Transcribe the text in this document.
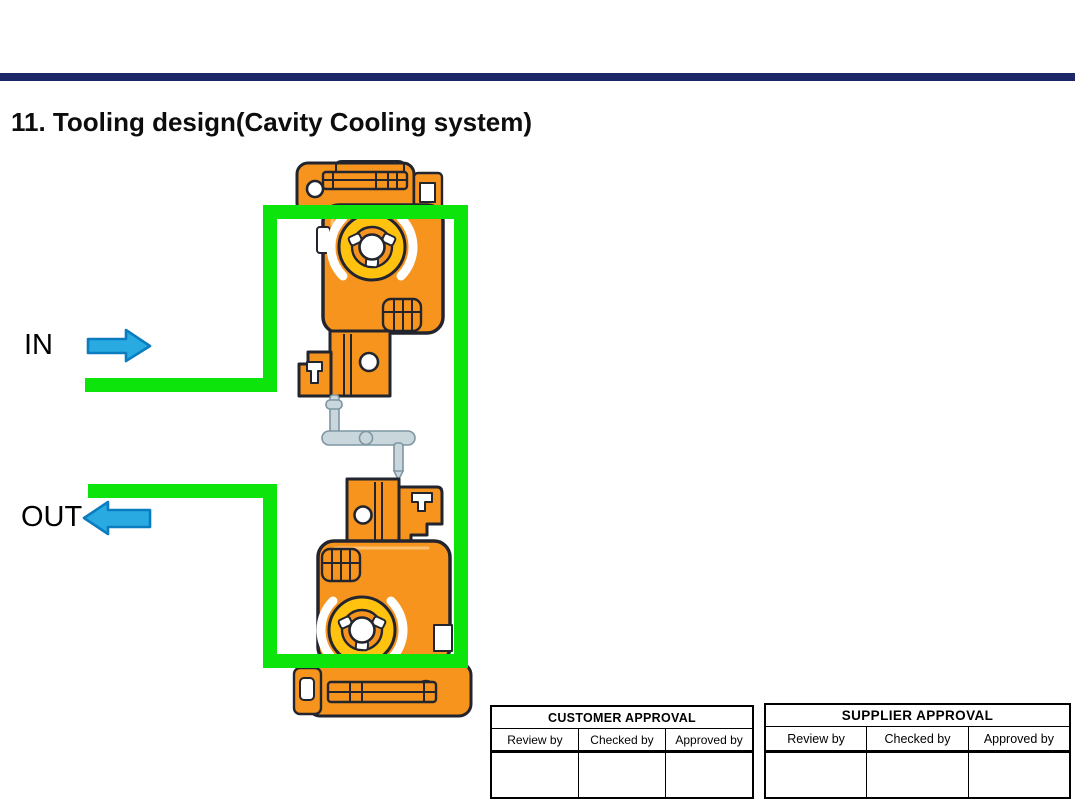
11. Tooling design(Cavity Cooling system)
IN
OUT
CUSTOMER APPROVAL		
Review by	Checked by	Approved by

SUPPLIER APPROVAL		
Review by	Checked by	Approved by
